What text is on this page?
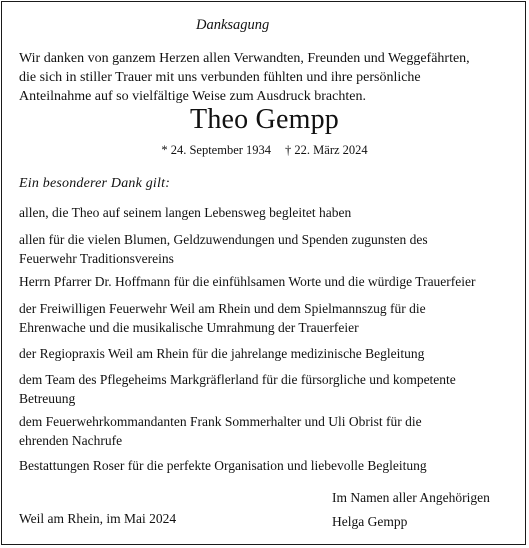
Danksagung
Wir danken von ganzem Herzen allen Verwandten, Freunden und Weggefährten,
die sich in stiller Trauer mit uns verbunden fühlten und ihre persönliche
Anteilnahme auf so vielfältige Weise zum Ausdruck brachten.
Theo Gempp
* 24. September 1934 † 22. März 2024
Ein besonderer Dank gilt:
allen, die Theo auf seinem langen Lebensweg begleitet haben
allen für die vielen Blumen, Geldzuwendungen und Spenden zugunsten des
Feuerwehr Traditionsvereins
Herrn Pfarrer Dr. Hoffmann für die einfühlsamen Worte und die würdige Trauerfeier
der Freiwilligen Feuerwehr Weil am Rhein und dem Spielmannszug für die
Ehrenwache und die musikalische Umrahmung der Trauerfeier
der Regiopraxis Weil am Rhein für die jahrelange medizinische Begleitung
dem Team des Pflegeheims Markgräflerland für die fürsorgliche und kompetente
Betreuung
dem Feuerwehrkommandanten Frank Sommerhalter und Uli Obrist für die
ehrenden Nachrufe
Bestattungen Roser für die perfekte Organisation und liebevolle Begleitung
Weil am Rhein, im Mai 2024
Im Namen aller Angehörigen
Helga Gempp
